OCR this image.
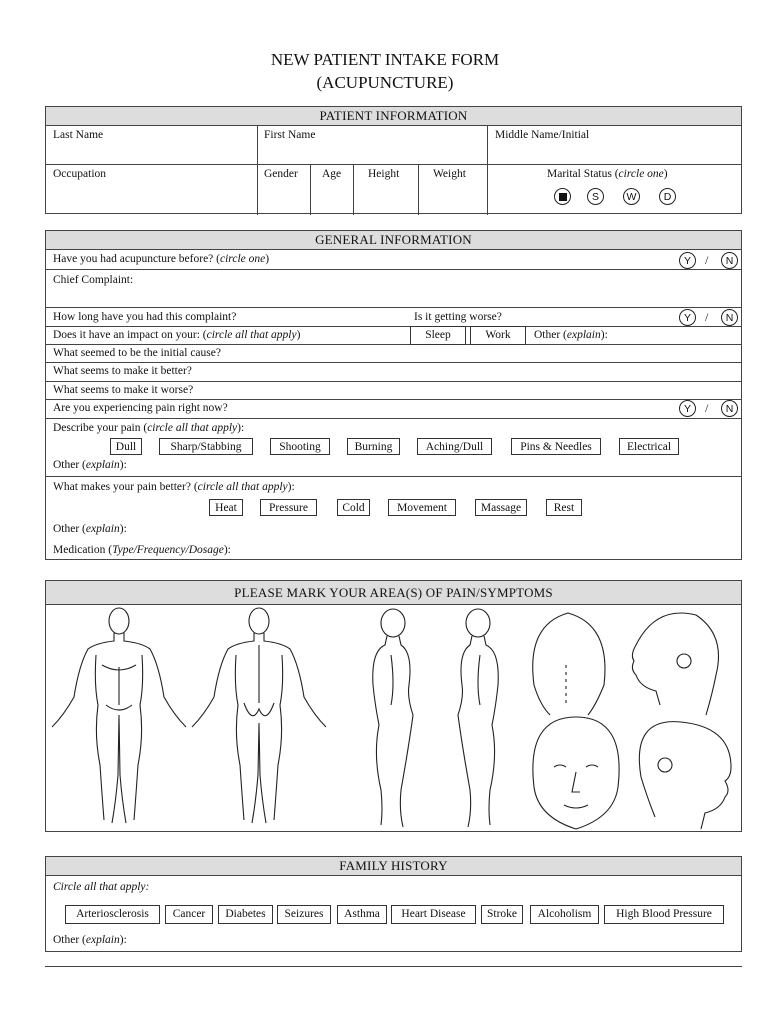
NEW PATIENT INTAKE FORM
(ACUPUNCTURE)
PATIENT INFORMATION
Last Name	First Name	Middle Name/Initial
Occupation	Gender Age Height	Weight	Marital Status (circle one)
M	S	W	D
GENERAL INFORMATION
Have you had acupuncture before? (circle one)	Y	/	N
Chief Complaint:
How long have you had this complaint?	Is it getting worse?	Y	/	N
Does it have an impact on your: (circle all that apply)	Sleep	Work	Other (explain):
What seemed to be the initial cause?
What seems to make it better?
What seems to make it worse?
Are you experiencing pain right now?	Y	/	N
Describe your pain (circle all that apply):
Dull	Sharp/Stabbing	Shooting	Burning	Aching/Dull	Pins & Needles	Electrical
Other (explain):
What makes your pain better? (circle all that apply):
Heat	Pressure	Cold	Movement	Massage	Rest
Other (explain):
Medication (Type/Frequency/Dosage):
PLEASE MARK YOUR AREA(S) OF PAIN/SYMPTOMS
FAMILY HISTORY
Circle all that apply:
Arteriosclerosis	Cancer	Diabetes	Seizures	Asthma	Heart Disease	Stroke	Alcoholism	High Blood Pressure
Other (explain):
